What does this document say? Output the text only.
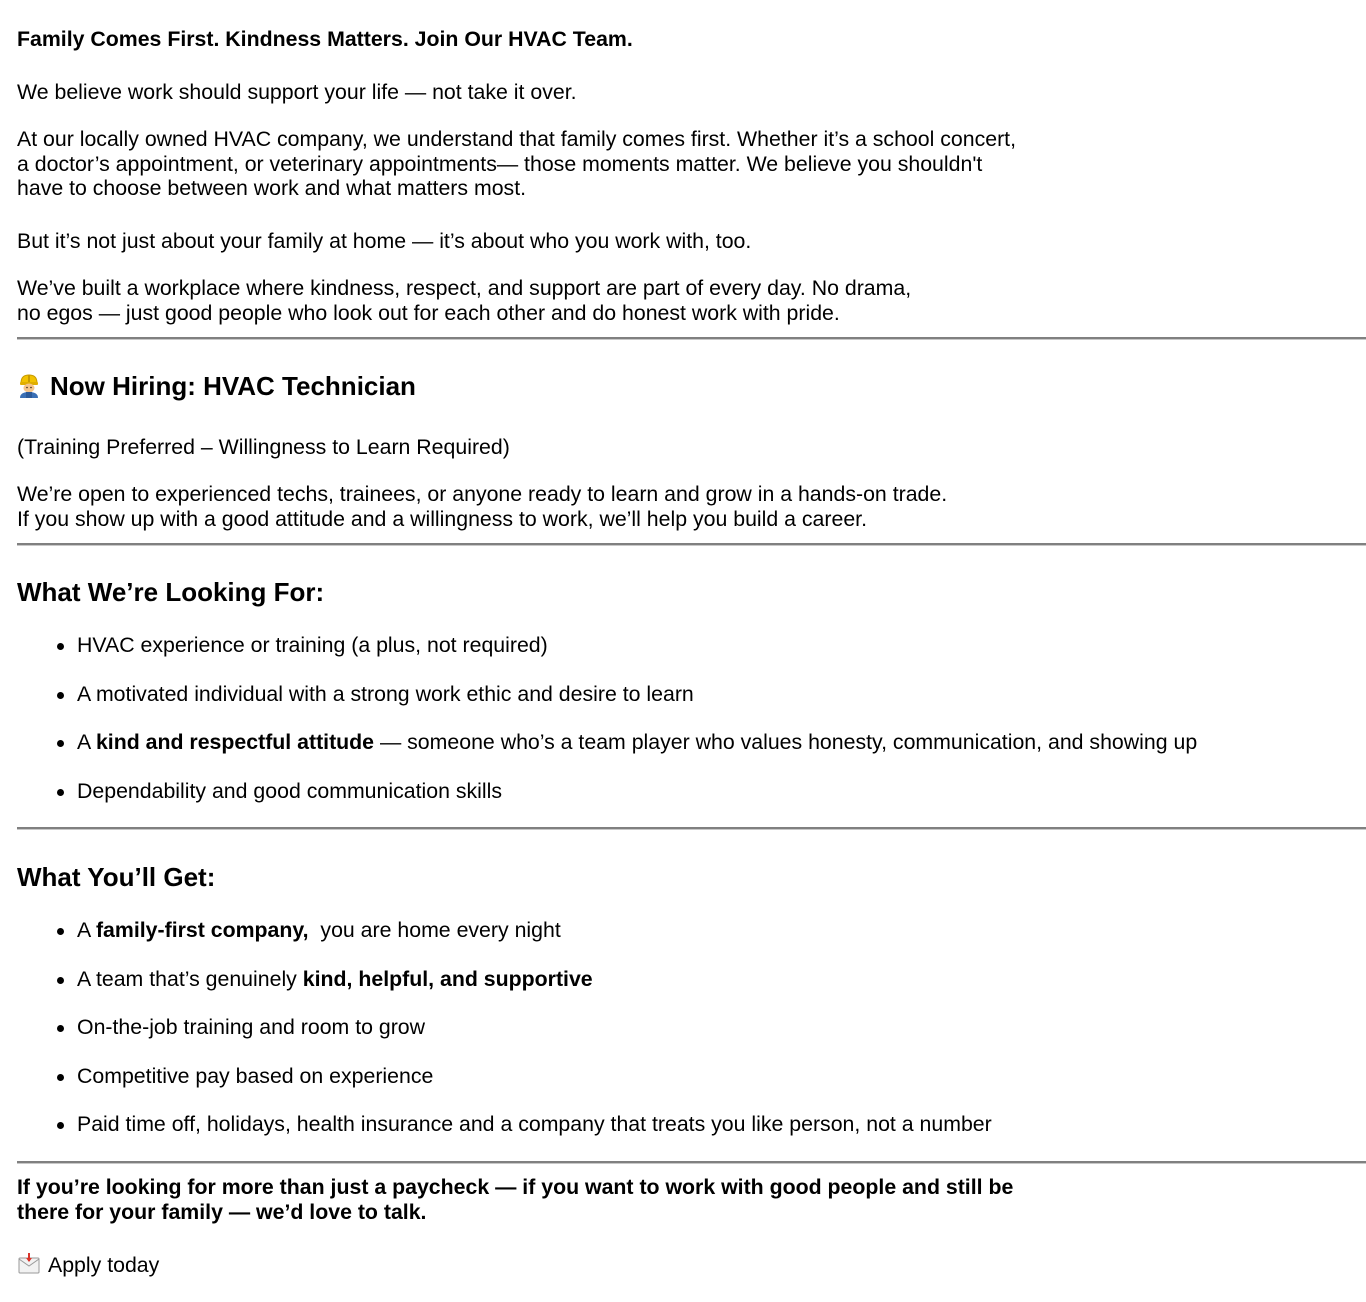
Family Comes First. Kindness Matters. Join Our HVAC Team.
We believe work should support your life — not take it over.
At our locally owned HVAC company, we understand that family comes first. Whether it’s a school concert,
a doctor’s appointment, or veterinary appointments— those moments matter. We believe you shouldn't
have to choose between work and what matters most.
But it’s not just about your family at home — it’s about who you work with, too.
We’ve built a workplace where kindness, respect, and support are part of every day. No drama,
no egos — just good people who look out for each other and do honest work with pride.
Now Hiring: HVAC Technician
(Training Preferred – Willingness to Learn Required)
We’re open to experienced techs, trainees, or anyone ready to learn and grow in a hands-on trade.
If you show up with a good attitude and a willingness to work, we’ll help you build a career.
What We’re Looking For:
HVAC experience or training (a plus, not required)
A motivated individual with a strong work ethic and desire to learn
A kind and respectful attitude — someone who’s a team player who values honesty, communication, and showing up
Dependability and good communication skills
What You’ll Get:
A family-first company,  you are home every night
A team that’s genuinely kind, helpful, and supportive
On-the-job training and room to grow
Competitive pay based on experience
Paid time off, holidays, health insurance and a company that treats you like person, not a number
If you’re looking for more than just a paycheck — if you want to work with good people and still be
there for your family — we’d love to talk.
Apply today
